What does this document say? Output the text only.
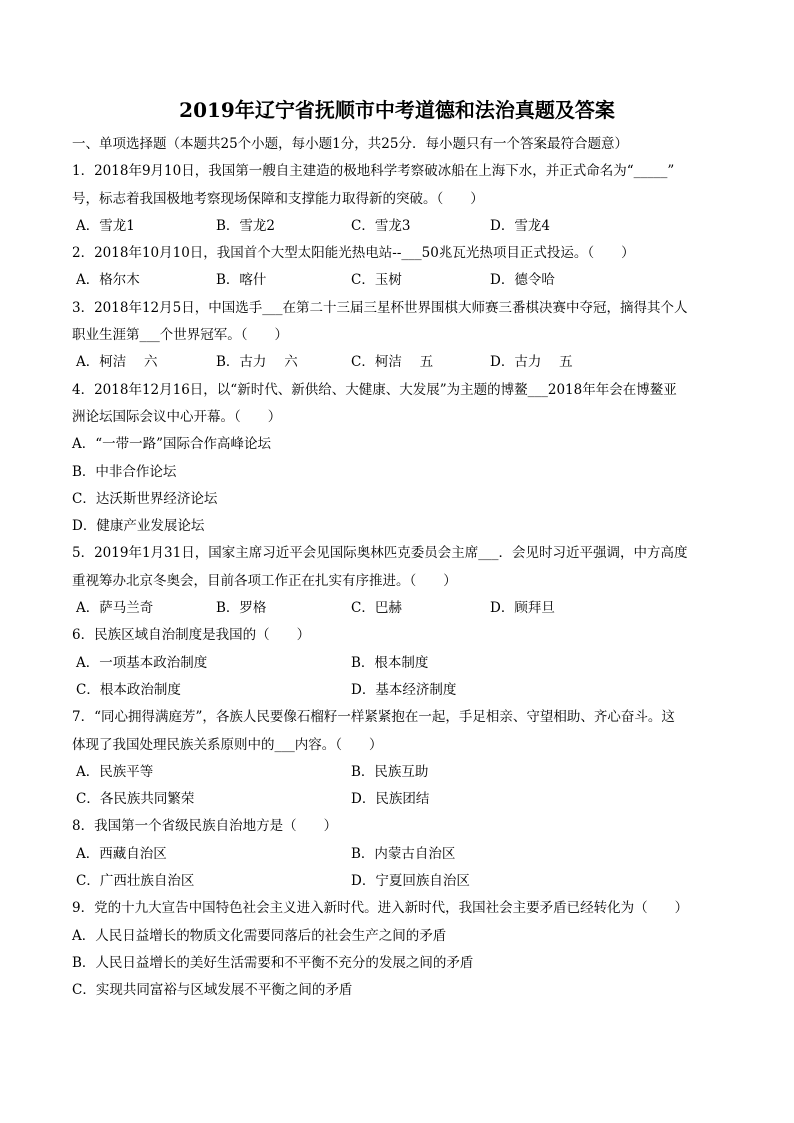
2019年辽宁省抚顺市中考道德和法治真题及答案
一、单项选择题（本题共25个小题，每小题1分，共25分．每小题只有一个答案最符合题意）
1．2018年9月10日，我国第一艘自主建造的极地科学考察破冰船在上海下水，并正式命名为“_____”
号，标志着我国极地考察现场保障和支撑能力取得新的突破。（　　）
A．雪龙1	B．雪龙2	C．雪龙3	D．雪龙4
2．2018年10月10日，我国首个大型太阳能光热电站--___50兆瓦光热项目正式投运。（　　）
A．格尔木	B．喀什	C．玉树	D．德令哈
3．2018年12月5日，中国选手___在第二十三届三星杯世界围棋大师赛三番棋决赛中夺冠，摘得其个人
职业生涯第___个世界冠军。（　　）
A．柯洁　 六	B．古力　 六	C．柯洁　 五	D．古力　 五
4．2018年12月16日，以“新时代、新供给、大健康、大发展”为主题的博鳌___2018年年会在博鳌亚
洲论坛国际会议中心开幕。（　　）
A．“一带一路”国际合作高峰论坛
B．中非合作论坛
C．达沃斯世界经济论坛
D．健康产业发展论坛
5．2019年1月31日，国家主席习近平会见国际奥林匹克委员会主席___．会见时习近平强调，中方高度
重视筹办北京冬奥会，目前各项工作正在扎实有序推进。（　　）
A．萨马兰奇	B．罗格	C．巴赫	D．顾拜旦
6．民族区域自治制度是我国的（　　）
A．一项基本政治制度	B．根本制度
C．根本政治制度	D．基本经济制度
7．“同心拥得满庭芳”，各族人民要像石榴籽一样紧紧抱在一起，手足相亲、守望相助、齐心奋斗。这
体现了我国处理民族关系原则中的___内容。（　　）
A．民族平等	B．民族互助
C．各民族共同繁荣	D．民族团结
8．我国第一个省级民族自治地方是（　　）
A．西藏自治区	B．内蒙古自治区
C．广西壮族自治区	D．宁夏回族自治区
9．党的十九大宣告中国特色社会主义进入新时代。进入新时代，我国社会主要矛盾已经转化为（　　）
A．人民日益增长的物质文化需要同落后的社会生产之间的矛盾
B．人民日益增长的美好生活需要和不平衡不充分的发展之间的矛盾
C．实现共同富裕与区域发展不平衡之间的矛盾
